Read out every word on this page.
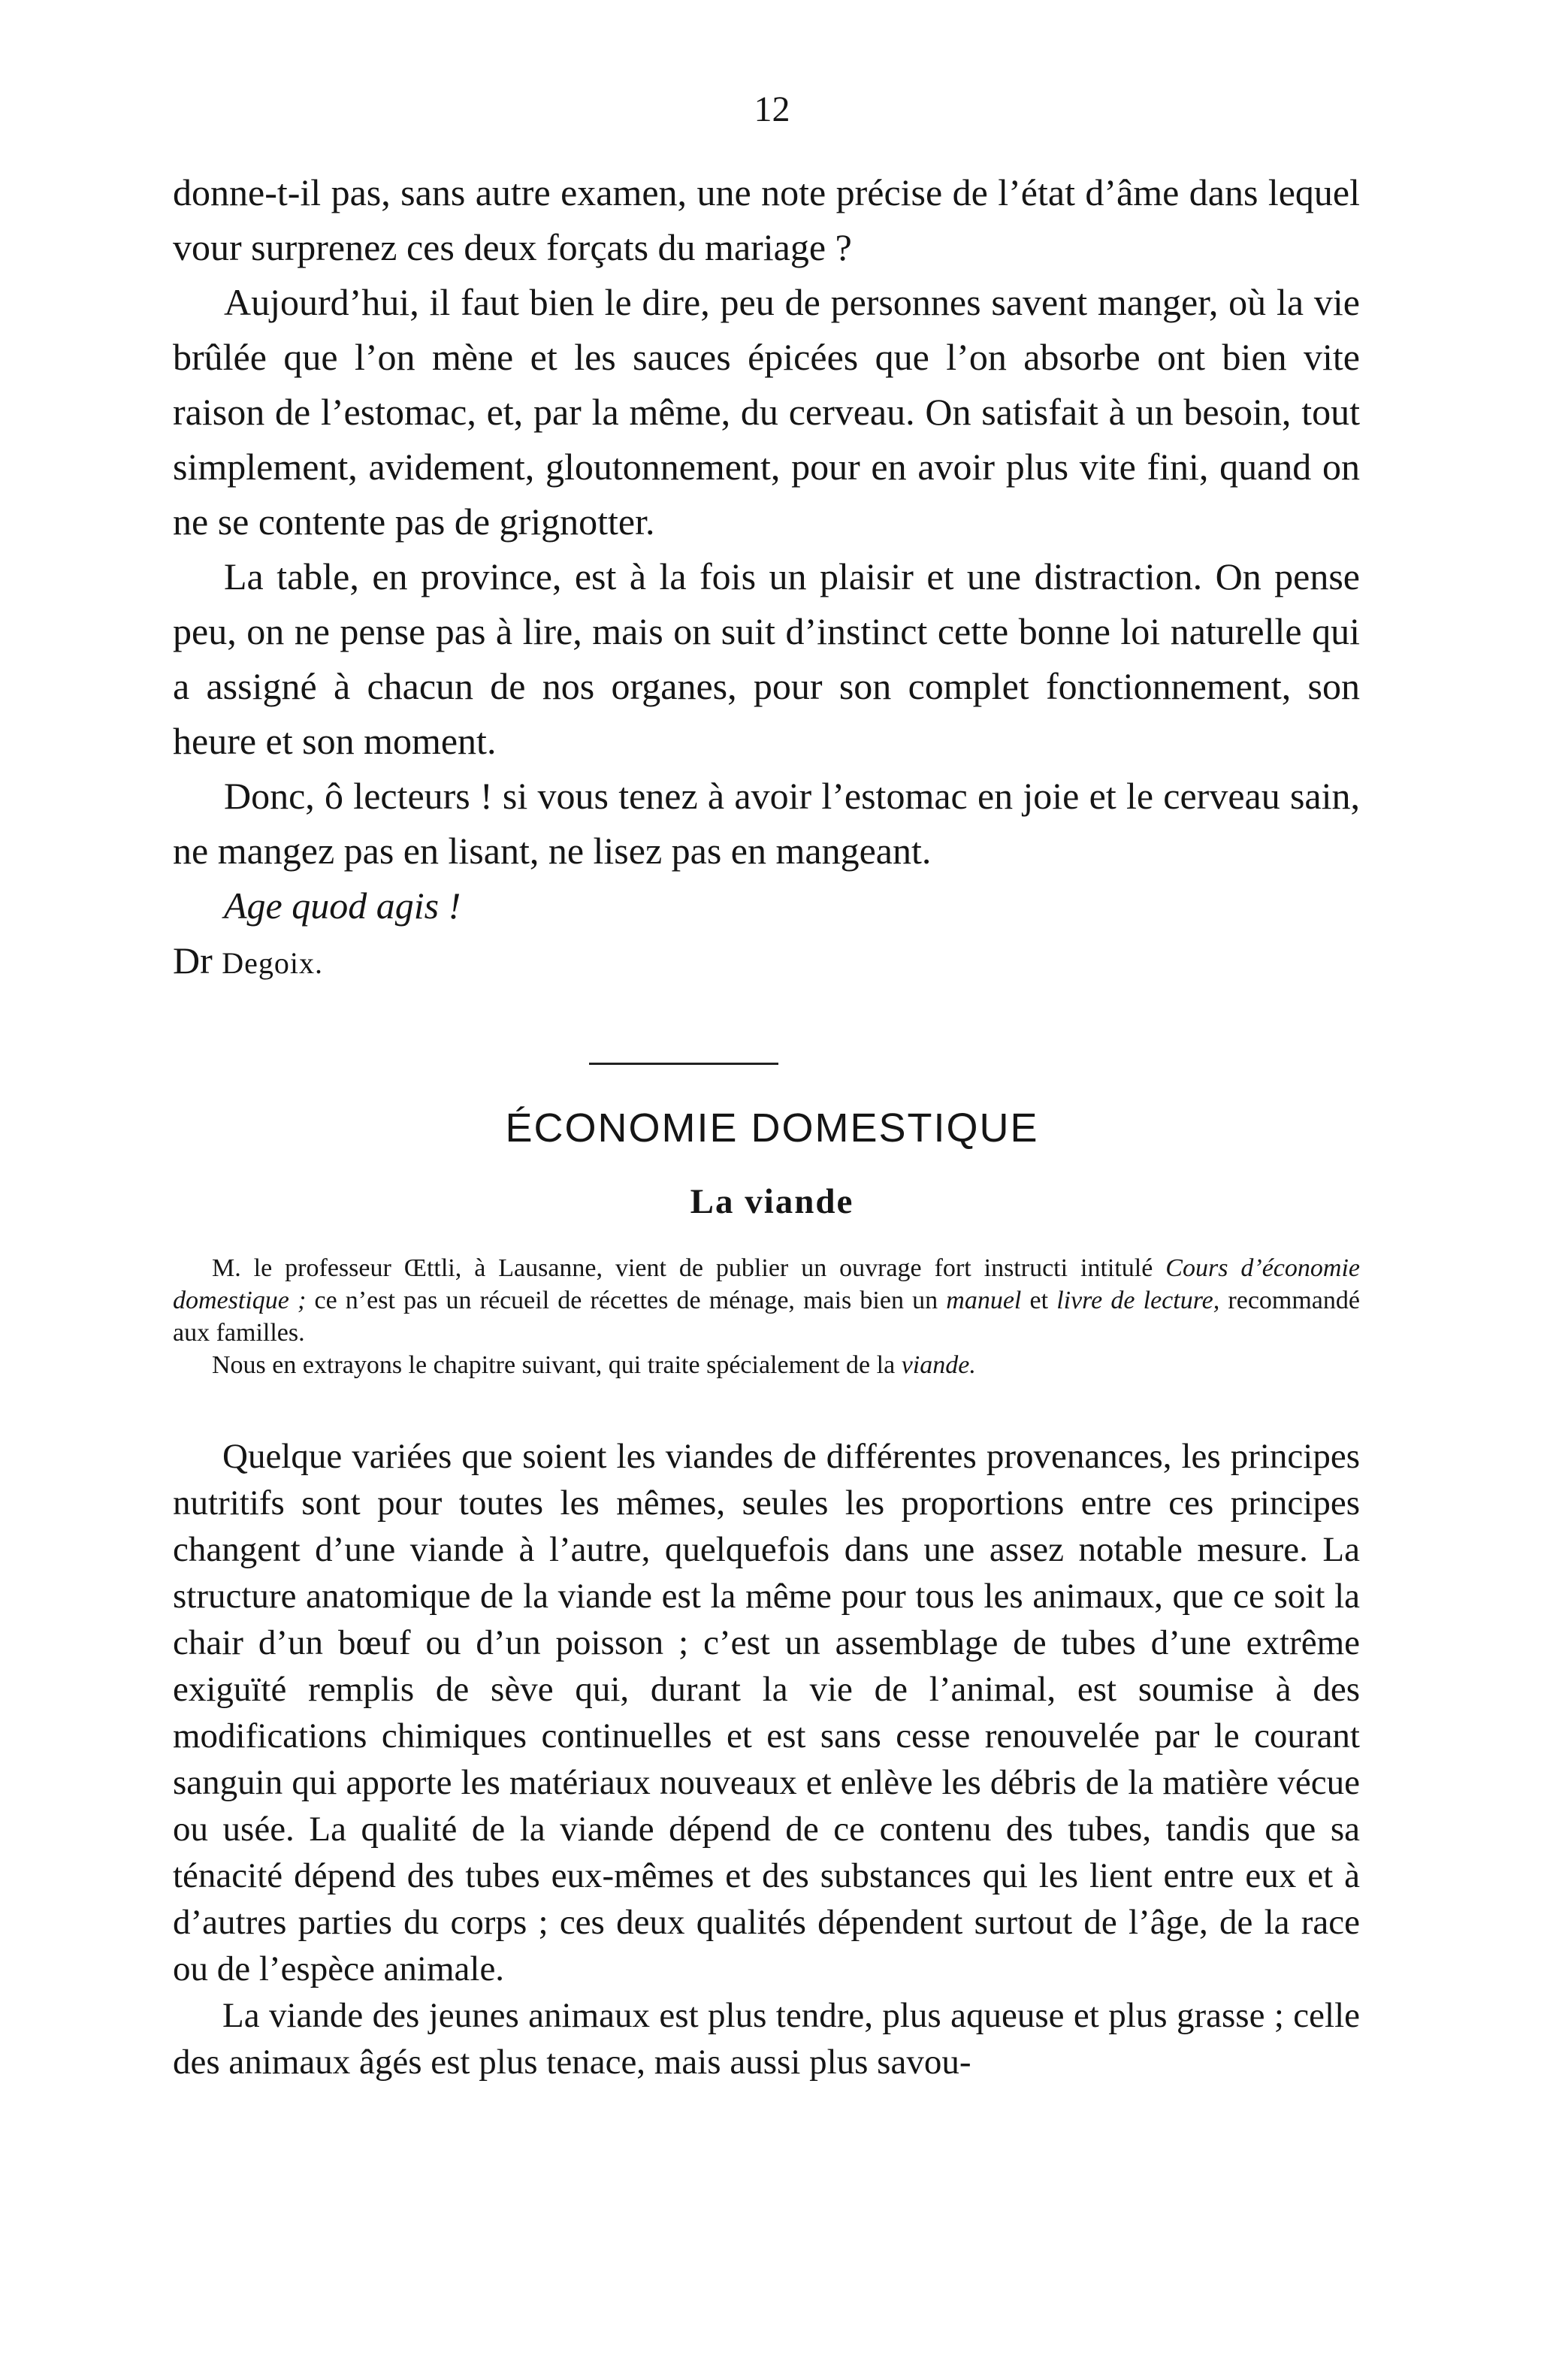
12

donne-t-il pas, sans autre examen, une note précise de l’état d’âme dans lequel vour surprenez ces deux forçats du mariage ?

Aujourd’hui, il faut bien le dire, peu de personnes savent manger, où la vie brûlée que l’on mène et les sauces épicées que l’on absorbe ont bien vite raison de l’estomac, et, par la même, du cerveau. On satisfait à un besoin, tout simplement, avidement, gloutonnement, pour en avoir plus vite fini, quand on ne se contente pas de grignotter.

La table, en province, est à la fois un plaisir et une distraction. On pense peu, on ne pense pas à lire, mais on suit d’instinct cette bonne loi naturelle qui a assigné à chacun de nos organes, pour son complet fonctionnement, son heure et son moment.

Donc, ô lecteurs ! si vous tenez à avoir l’estomac en joie et le cerveau sain, ne mangez pas en lisant, ne lisez pas en mangeant.

Age quod agis !

Dr Degoix.

ÉCONOMIE DOMESTIQUE
La viande

M. le professeur Œttli, à Lausanne, vient de publier un ouvrage fort instructi intitulé Cours d’économie domestique ; ce n’est pas un récueil de récettes de ménage, mais bien un manuel et livre de lecture, recommandé aux familles.

Nous en extrayons le chapitre suivant, qui traite spécialement de la viande.

Quelque variées que soient les viandes de différentes provenances, les principes nutritifs sont pour toutes les mêmes, seules les proportions entre ces principes changent d’une viande à l’autre, quelquefois dans une assez notable mesure. La structure anatomique de la viande est la même pour tous les animaux, que ce soit la chair d’un bœuf ou d’un poisson ; c’est un assemblage de tubes d’une extrême exiguïté remplis de sève qui, durant la vie de l’animal, est soumise à des modifications chimiques continuelles et est sans cesse renouvelée par le courant sanguin qui apporte les matériaux nouveaux et enlève les débris de la matière vécue ou usée. La qualité de la viande dépend de ce contenu des tubes, tandis que sa ténacité dépend des tubes eux-mêmes et des substances qui les lient entre eux et à d’autres parties du corps ; ces deux qualités dépendent surtout de l’âge, de la race ou de l’espèce animale.

La viande des jeunes animaux est plus tendre, plus aqueuse et plus grasse ; celle des animaux âgés est plus tenace, mais aussi plus savou-
